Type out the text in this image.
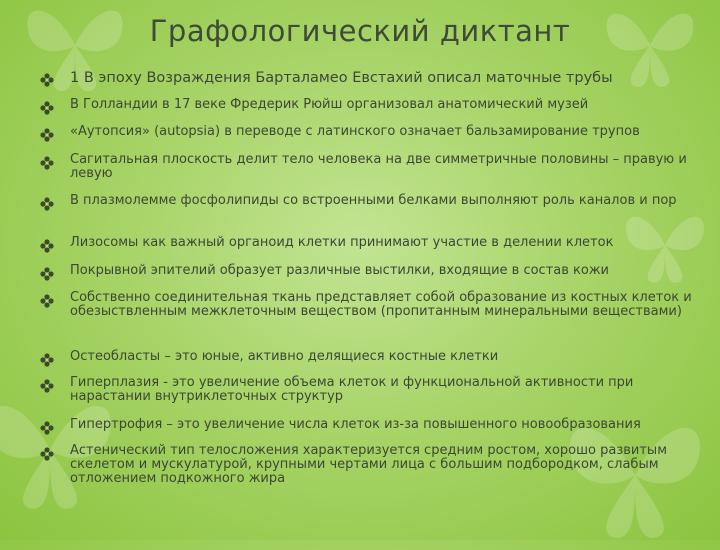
Графологический диктант
1 В эпоху Возраждения Барталамео Евстахий описал маточные трубы
В Голландии в 17 веке Фредерик Рюйш организовал анатомический музей
«Аутопсия» (autopsia) в переводе с латинского означает бальзамирование трупов
Сагитальная плоскость делит тело человека на две симметричные половины – правую и левую
В плазмолемме фосфолипиды со встроенными белками выполняют роль каналов и пор
Лизосомы как важный органоид клетки принимают участие в делении клеток
Покрывной эпителий образует различные выстилки, входящие в состав кожи
Собственно соединительная ткань представляет собой образование из костных клеток и обезыствленным межклеточным веществом (пропитанным минеральными веществами)
Остеобласты – это юные, активно делящиеся костные клетки
Гиперплазия - это увеличение объема клеток и функциональной активности при нарастании внутриклеточных структур
Гипертрофия – это увеличение числа клеток из-за повышенного новообразования
Астенический тип телосложения характеризуется средним ростом, хорошо развитым скелетом и мускулатурой, крупными чертами лица с большим подбородком, слабым отложением подкожного жира
